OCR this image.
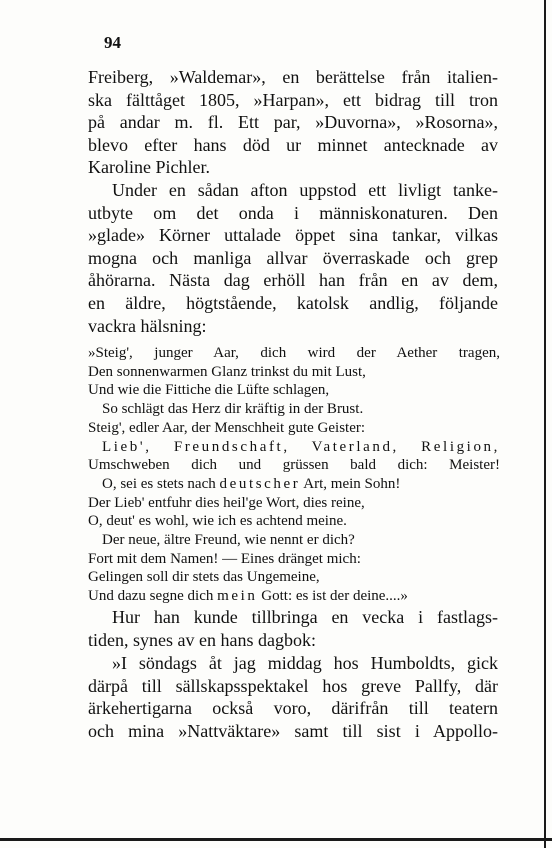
94

Freiberg, »Waldemar», en berättelse från italien-
ska fälttåget 1805, »Harpan», ett bidrag till tron
på andar m. fl. Ett par, »Duvorna», »Rosorna»,
blevo efter hans död ur minnet antecknade av
Karoline Pichler.

Under en sådan afton uppstod ett livligt tanke-
utbyte om det onda i människonaturen. Den
»glade» Körner uttalade öppet sina tankar, vilkas
mogna och manliga allvar överraskade och grep
åhörarna. Nästa dag erhöll han från en av dem,
en äldre, högtstående, katolsk andlig, följande
vackra hälsning:

»Steig', junger Aar, dich wird der Aether tragen,
Den sonnenwarmen Glanz trinkst du mit Lust,
Und wie die Fittiche die Lüfte schlagen,
So schlägt das Herz dir kräftig in der Brust.
Steig', edler Aar, der Menschheit gute Geister:
Lieb', Freundschaft, Vaterland, Religion,
Umschweben dich und grüssen bald dich: Meister!
O, sei es stets nach deutscher Art, mein Sohn!
Der Lieb' entfuhr dies heil'ge Wort, dies reine,
O, deut' es wohl, wie ich es achtend meine.
Der neue, ältre Freund, wie nennt er dich?
Fort mit dem Namen! — Eines dränget mich:
Gelingen soll dir stets das Ungemeine,
Und dazu segne dich mein Gott: es ist der deine....»

Hur han kunde tillbringa en vecka i fastlags-
tiden, synes av en hans dagbok:

»I söndags åt jag middag hos Humboldts, gick
därpå till sällskapsspektakel hos greve Pallfy, där
ärkehertigarna också voro, därifrån till teatern
och mina »Nattväktare» samt till sist i Appollo-
